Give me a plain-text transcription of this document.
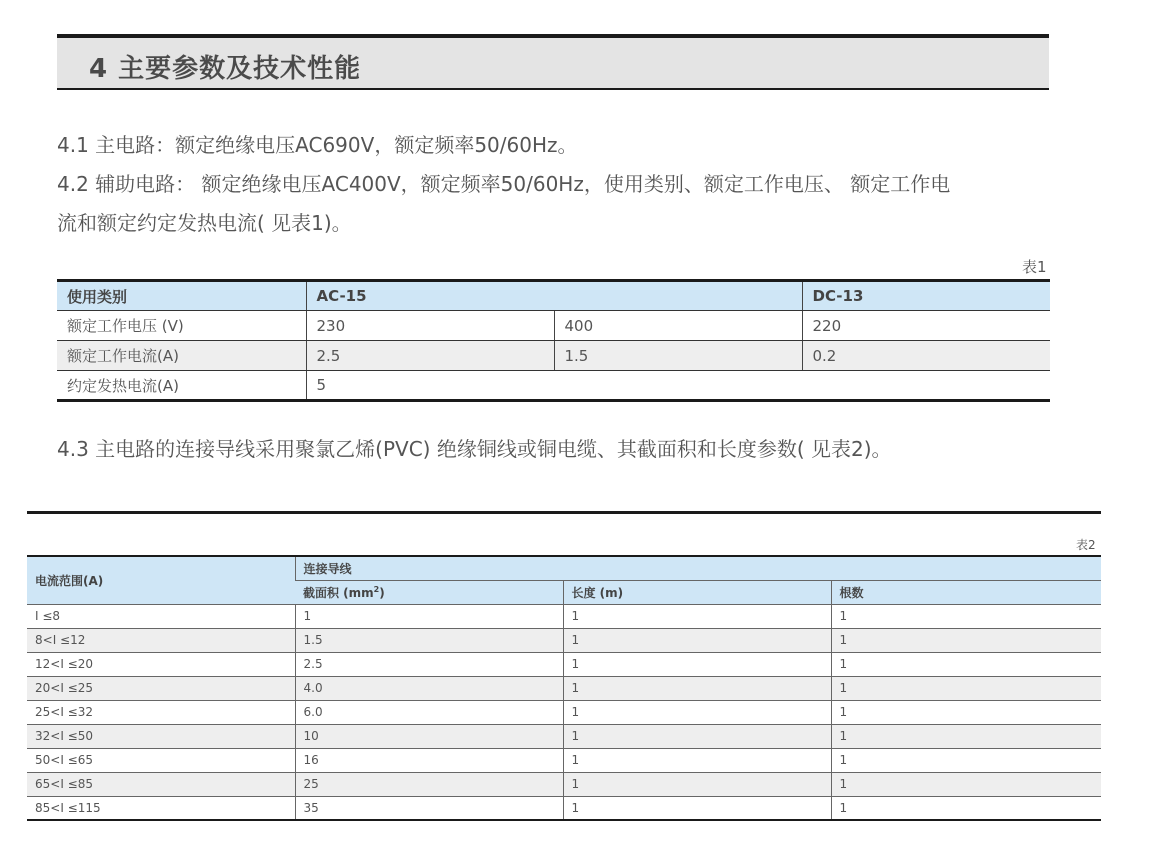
4 主要参数及技术性能

4.1 主电路：额定绝缘电压AC690V，额定频率50/60Hz。

4.2 辅助电路： 额定绝缘电压AC400V，额定频率50/60Hz，使用类别、额定工作电压、 额定工作电

流和额定约定发热电流( 见表1)。

表1
使用类别	AC-15		DC-13
额定工作电压 (V)	230	400	220
额定工作电流(A)	2.5	1.5	0.2
约定发热电流(A)	5		

4.3 主电路的连接导线采用聚氯乙烯(PVC) 绝缘铜线或铜电缆、其截面积和长度参数( 见表2)。

表2
电流范围(A)	连接导线		
	截面积 $(mm^2)$	长度 (m)	根数
I ≤8	1	1	1
8<I ≤12	1.5	1	1
12<I ≤20	2.5	1	1
20<I ≤25	4.0	1	1
25<I ≤32	6.0	1	1
32<I ≤50	10	1	1
50<I ≤65	16	1	1
65<I ≤85	25	1	1
85<I ≤115	35	1	1
